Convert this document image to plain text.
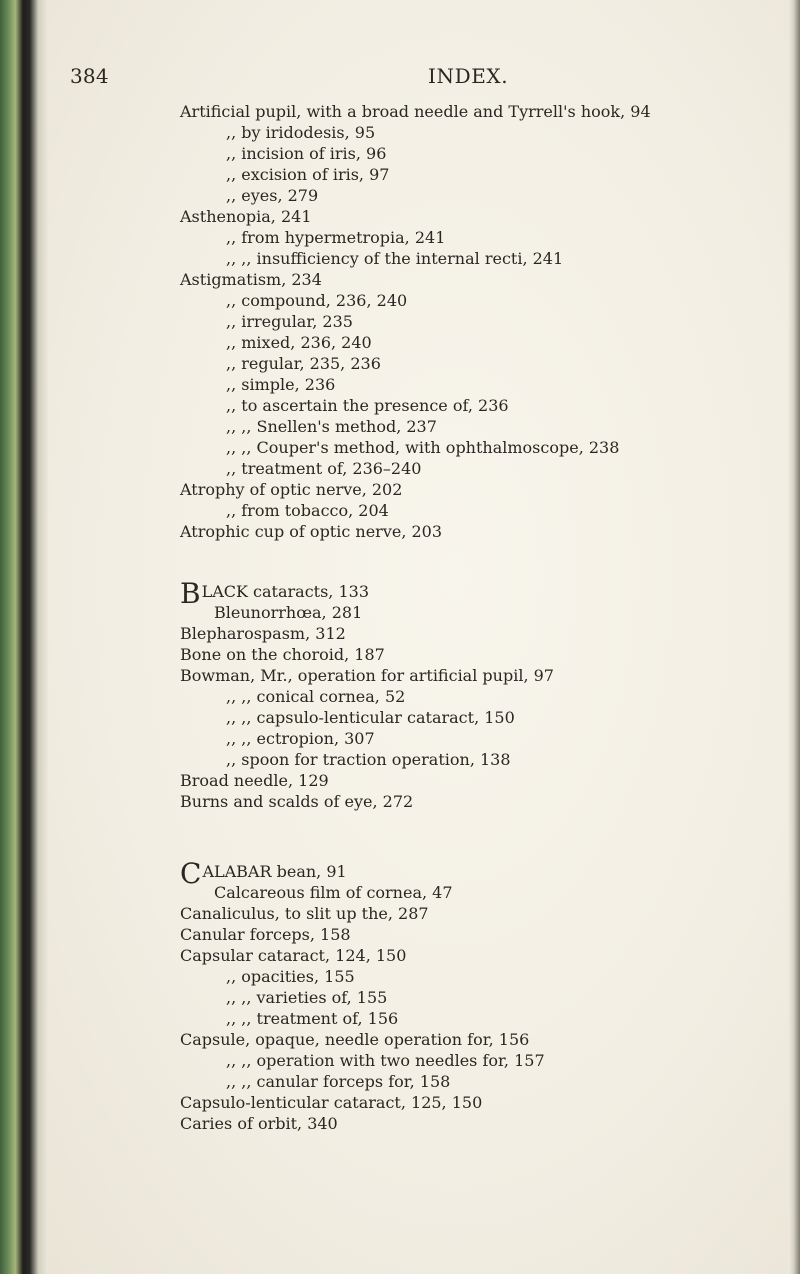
384	INDEX.
Artificial pupil, with a broad needle and Tyrrell's hook, 94
,, by iridodesis, 95
,, incision of iris, 96
,, excision of iris, 97
,, eyes, 279
Asthenopia, 241
,, from hypermetropia, 241
,, ,, insufficiency of the internal recti, 241
Astigmatism, 234
,, compound, 236, 240
,, irregular, 235
,, mixed, 236, 240
,, regular, 235, 236
,, simple, 236
,, to ascertain the presence of, 236
,, ,, Snellen's method, 237
,, ,, Couper's method, with ophthalmoscope, 238
,, treatment of, 236–240
Atrophy of optic nerve, 202
,, from tobacco, 204
Atrophic cup of optic nerve, 203
BLACK cataracts, 133
Bleunorrhœa, 281
Blepharospasm, 312
Bone on the choroid, 187
Bowman, Mr., operation for artificial pupil, 97
,, ,, conical cornea, 52
,, ,, capsulo-lenticular cataract, 150
,, ,, ectropion, 307
,, spoon for traction operation, 138
Broad needle, 129
Burns and scalds of eye, 272
CALABAR bean, 91
Calcareous film of cornea, 47
Canaliculus, to slit up the, 287
Canular forceps, 158
Capsular cataract, 124, 150
,, opacities, 155
,, ,, varieties of, 155
,, ,, treatment of, 156
Capsule, opaque, needle operation for, 156
,, ,, operation with two needles for, 157
,, ,, canular forceps for, 158
Capsulo-lenticular cataract, 125, 150
Caries of orbit, 340
